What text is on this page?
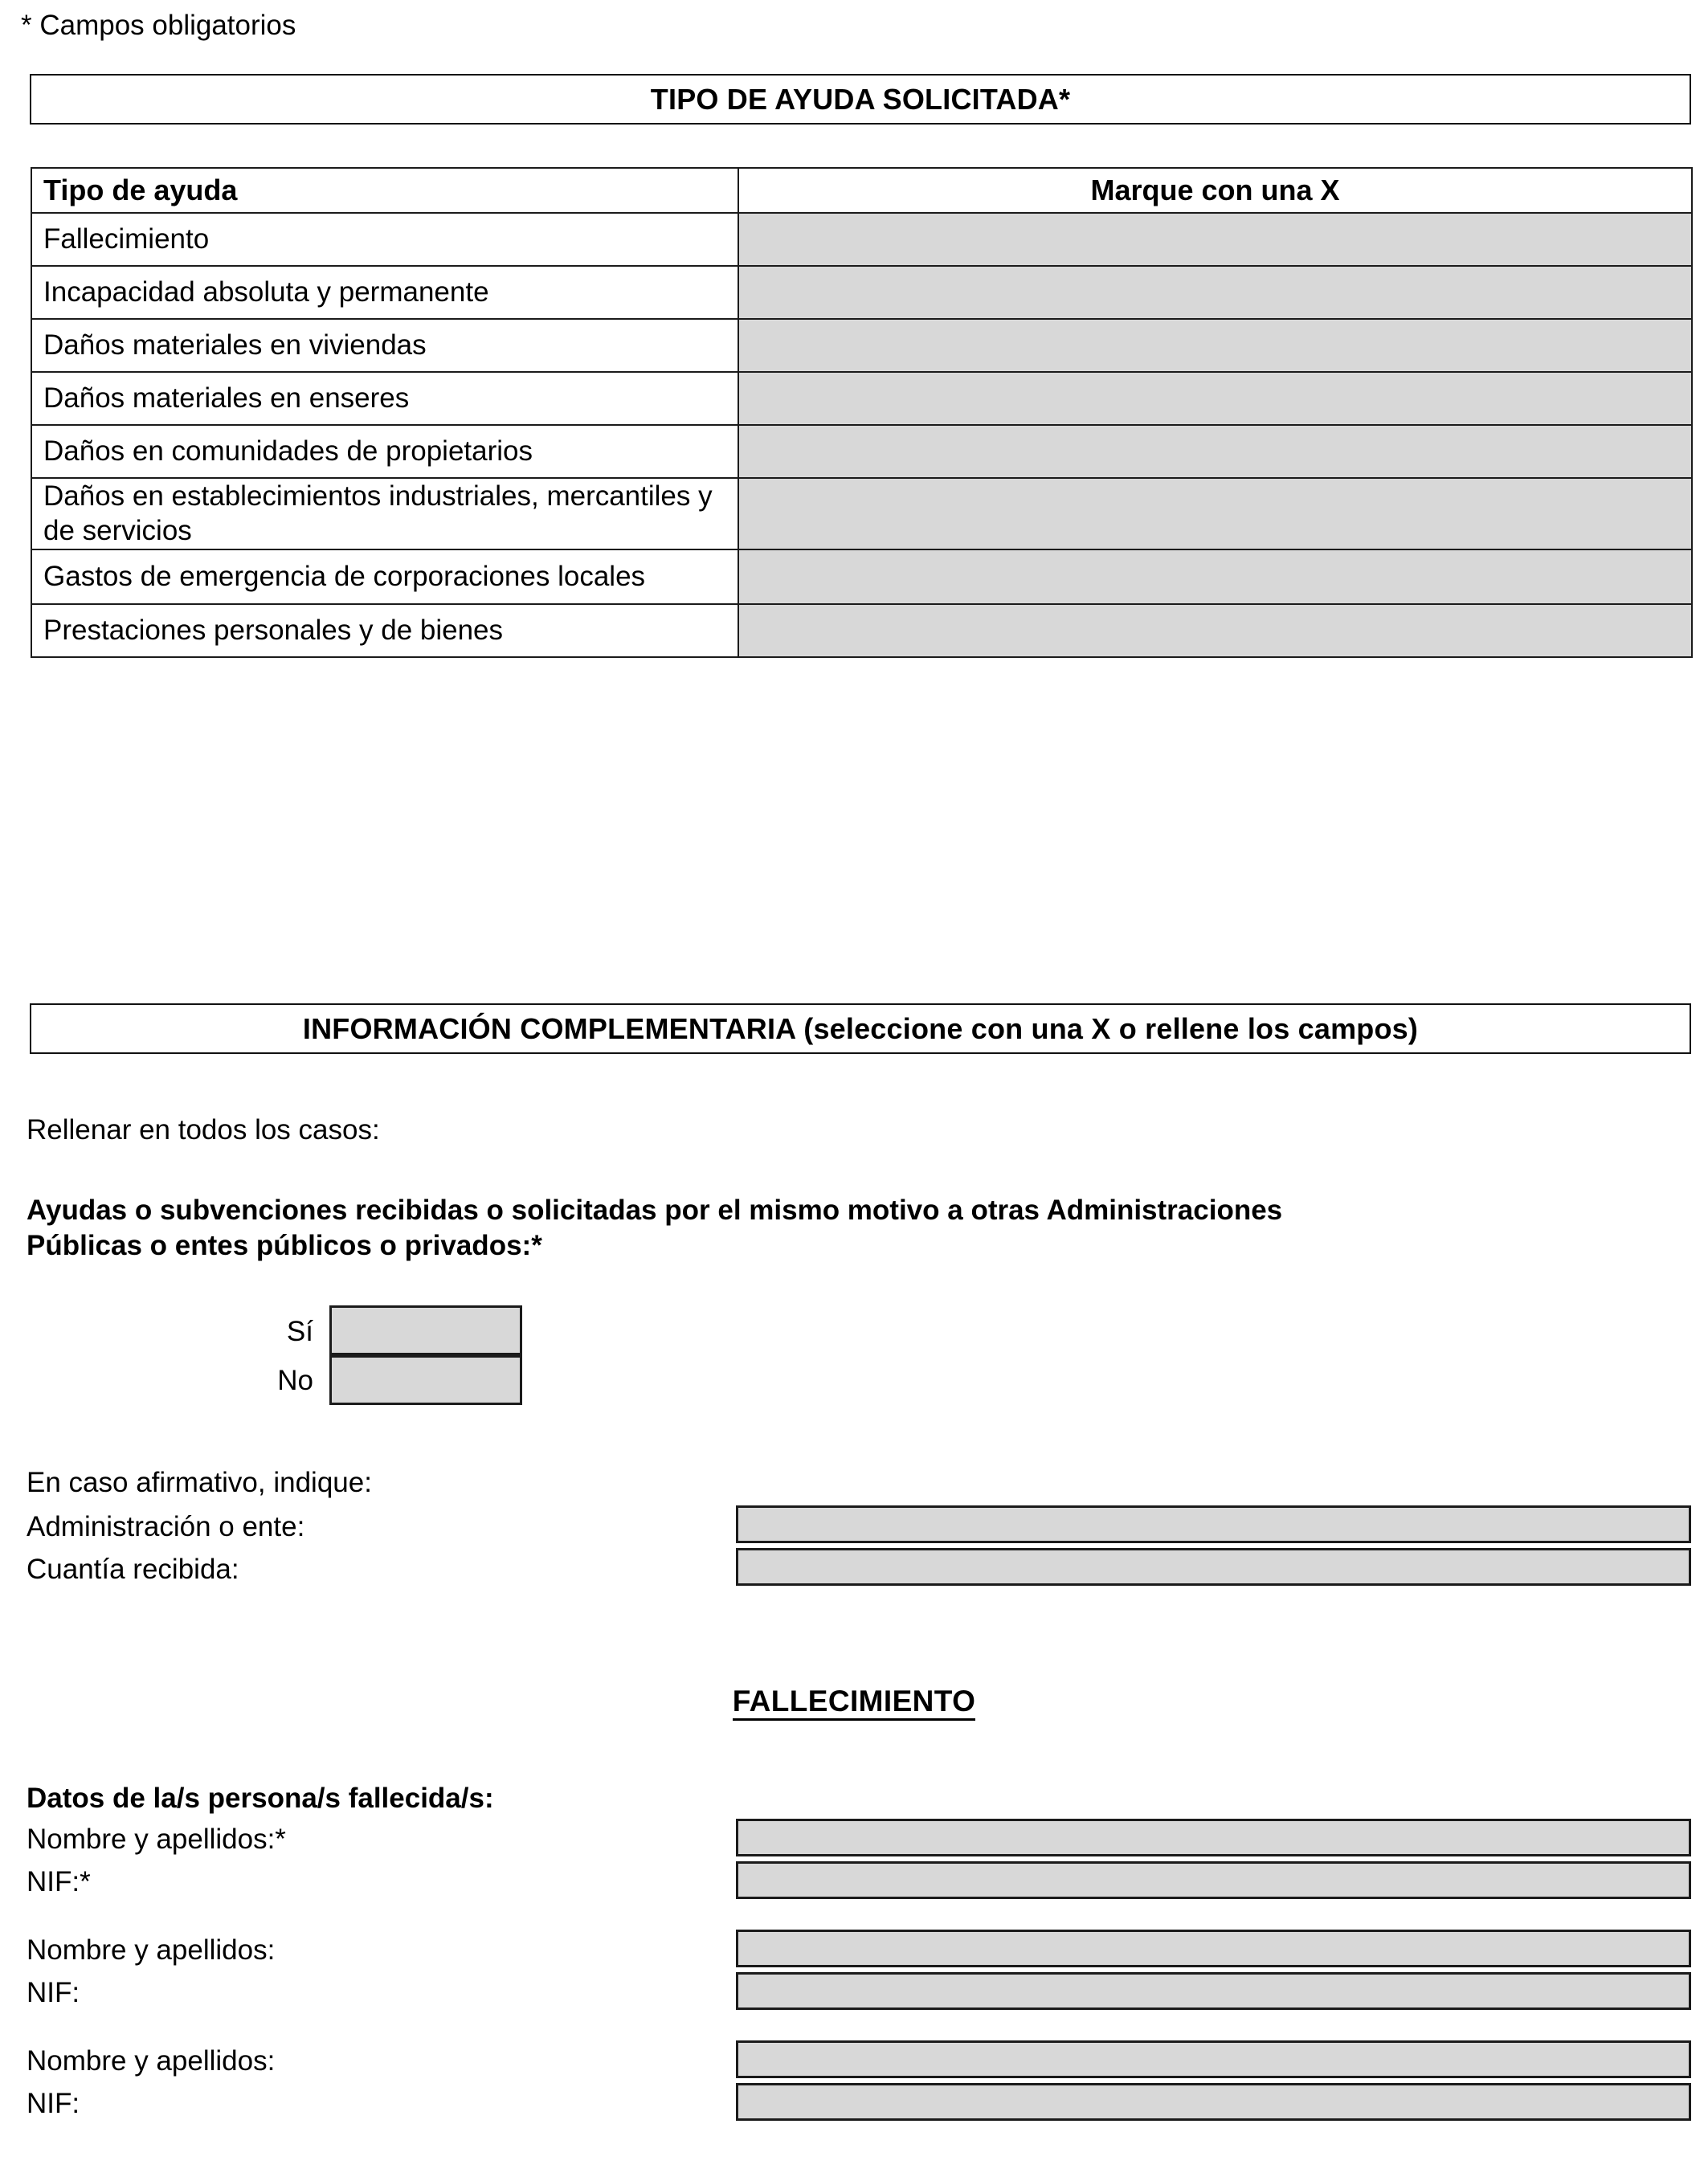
* Campos obligatorios
TIPO DE AYUDA SOLICITADA*
Tipo de ayuda	Marque con una X
Fallecimiento	
Incapacidad absoluta y permanente	
Daños materiales en viviendas	
Daños materiales en enseres	
Daños en comunidades de propietarios	
Daños en establecimientos industriales, mercantiles y de servicios	
Gastos de emergencia de corporaciones locales	
Prestaciones personales y de bienes	
INFORMACIÓN COMPLEMENTARIA (seleccione con una X o rellene los campos)
Rellenar en todos los casos:
Ayudas o subvenciones recibidas o solicitadas por el mismo motivo a otras Administraciones
Públicas o entes públicos o privados:*
Sí
No
En caso afirmativo, indique:
Administración o ente:
Cuantía recibida:
FALLECIMIENTO
Datos de la/s persona/s fallecida/s:
Nombre y apellidos:*
NIF:*
Nombre y apellidos:
NIF:
Nombre y apellidos:
NIF:
